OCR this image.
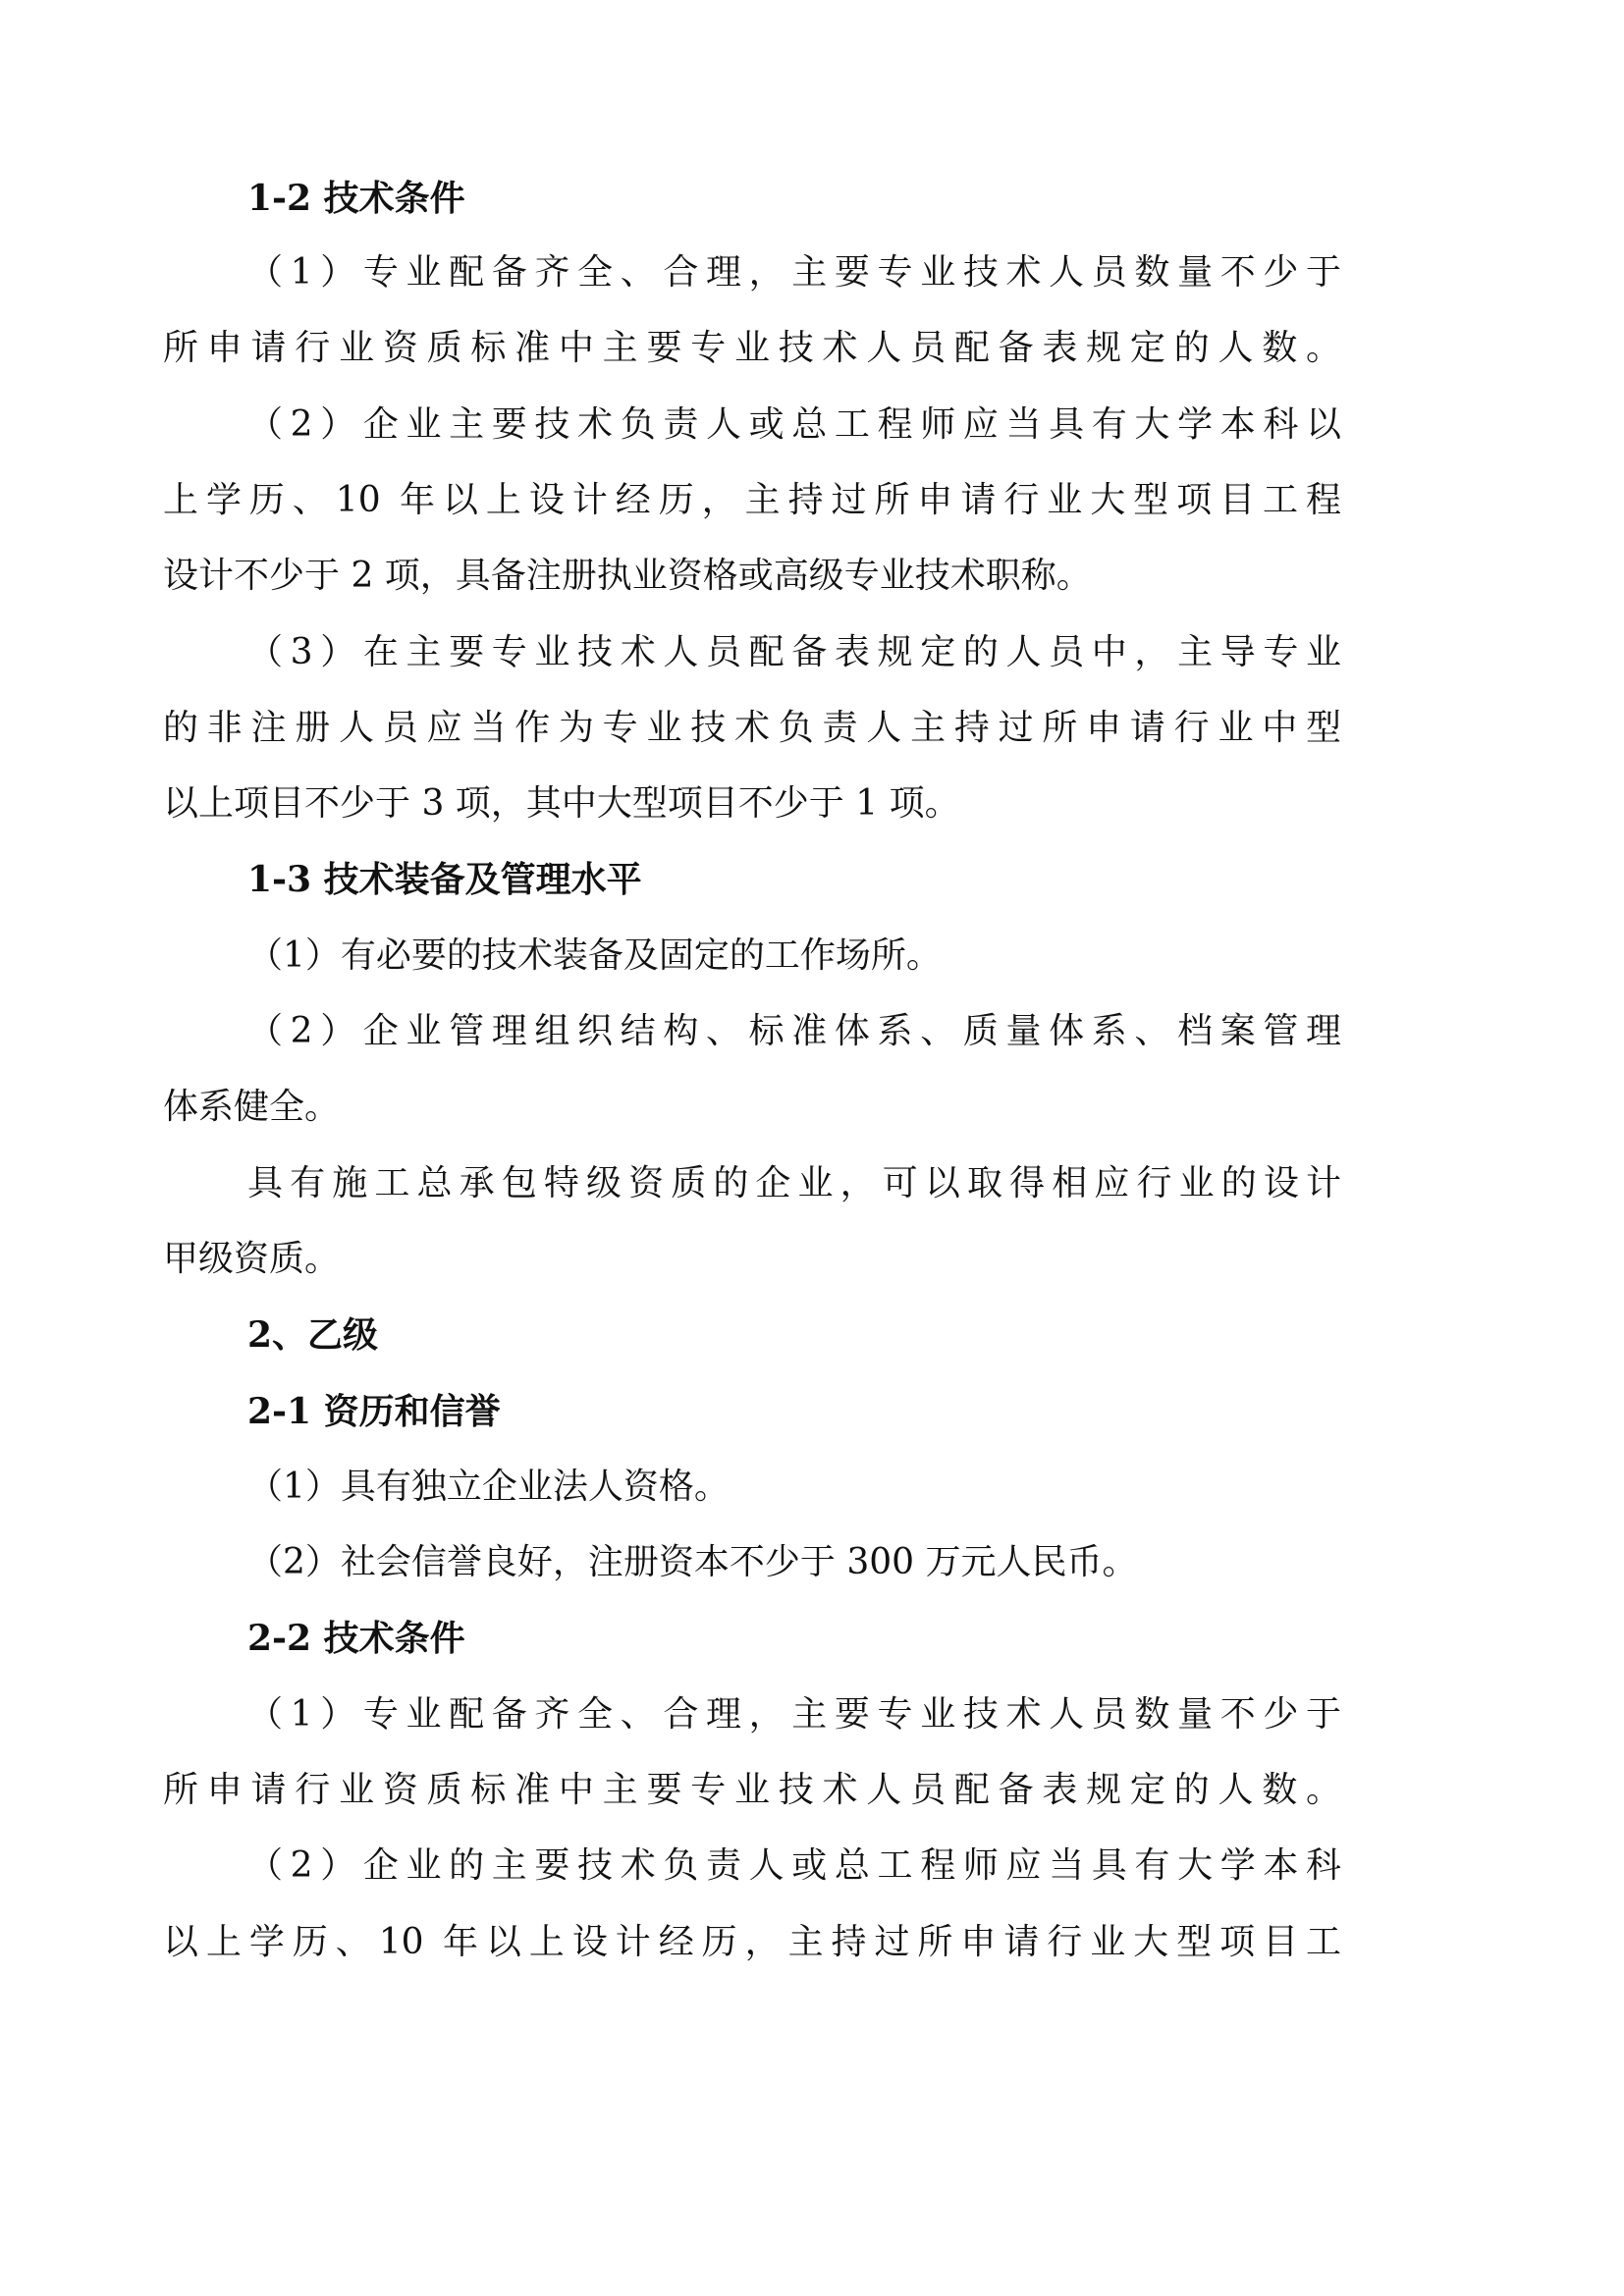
1-2 技术条件

（1）专业配备齐全、合理，主要专业技术人员数量不少于

所申请行业资质标准中主要专业技术人员配备表规定的人数。

（2）企业主要技术负责人或总工程师应当具有大学本科以

上学历、10 年以上设计经历，主持过所申请行业大型项目工程

设计不少于 2 项，具备注册执业资格或高级专业技术职称。

（3）在主要专业技术人员配备表规定的人员中，主导专业

的非注册人员应当作为专业技术负责人主持过所申请行业中型

以上项目不少于 3 项，其中大型项目不少于 1 项。

1-3 技术装备及管理水平

（1）有必要的技术装备及固定的工作场所。

（2）企业管理组织结构、标准体系、质量体系、档案管理

体系健全。

具有施工总承包特级资质的企业，可以取得相应行业的设计

甲级资质。

2、乙级

2-1 资历和信誉

（1）具有独立企业法人资格。

（2）社会信誉良好，注册资本不少于 300 万元人民币。

2-2 技术条件

（1）专业配备齐全、合理，主要专业技术人员数量不少于

所申请行业资质标准中主要专业技术人员配备表规定的人数。

（2）企业的主要技术负责人或总工程师应当具有大学本科

以上学历、10 年以上设计经历，主持过所申请行业大型项目工
